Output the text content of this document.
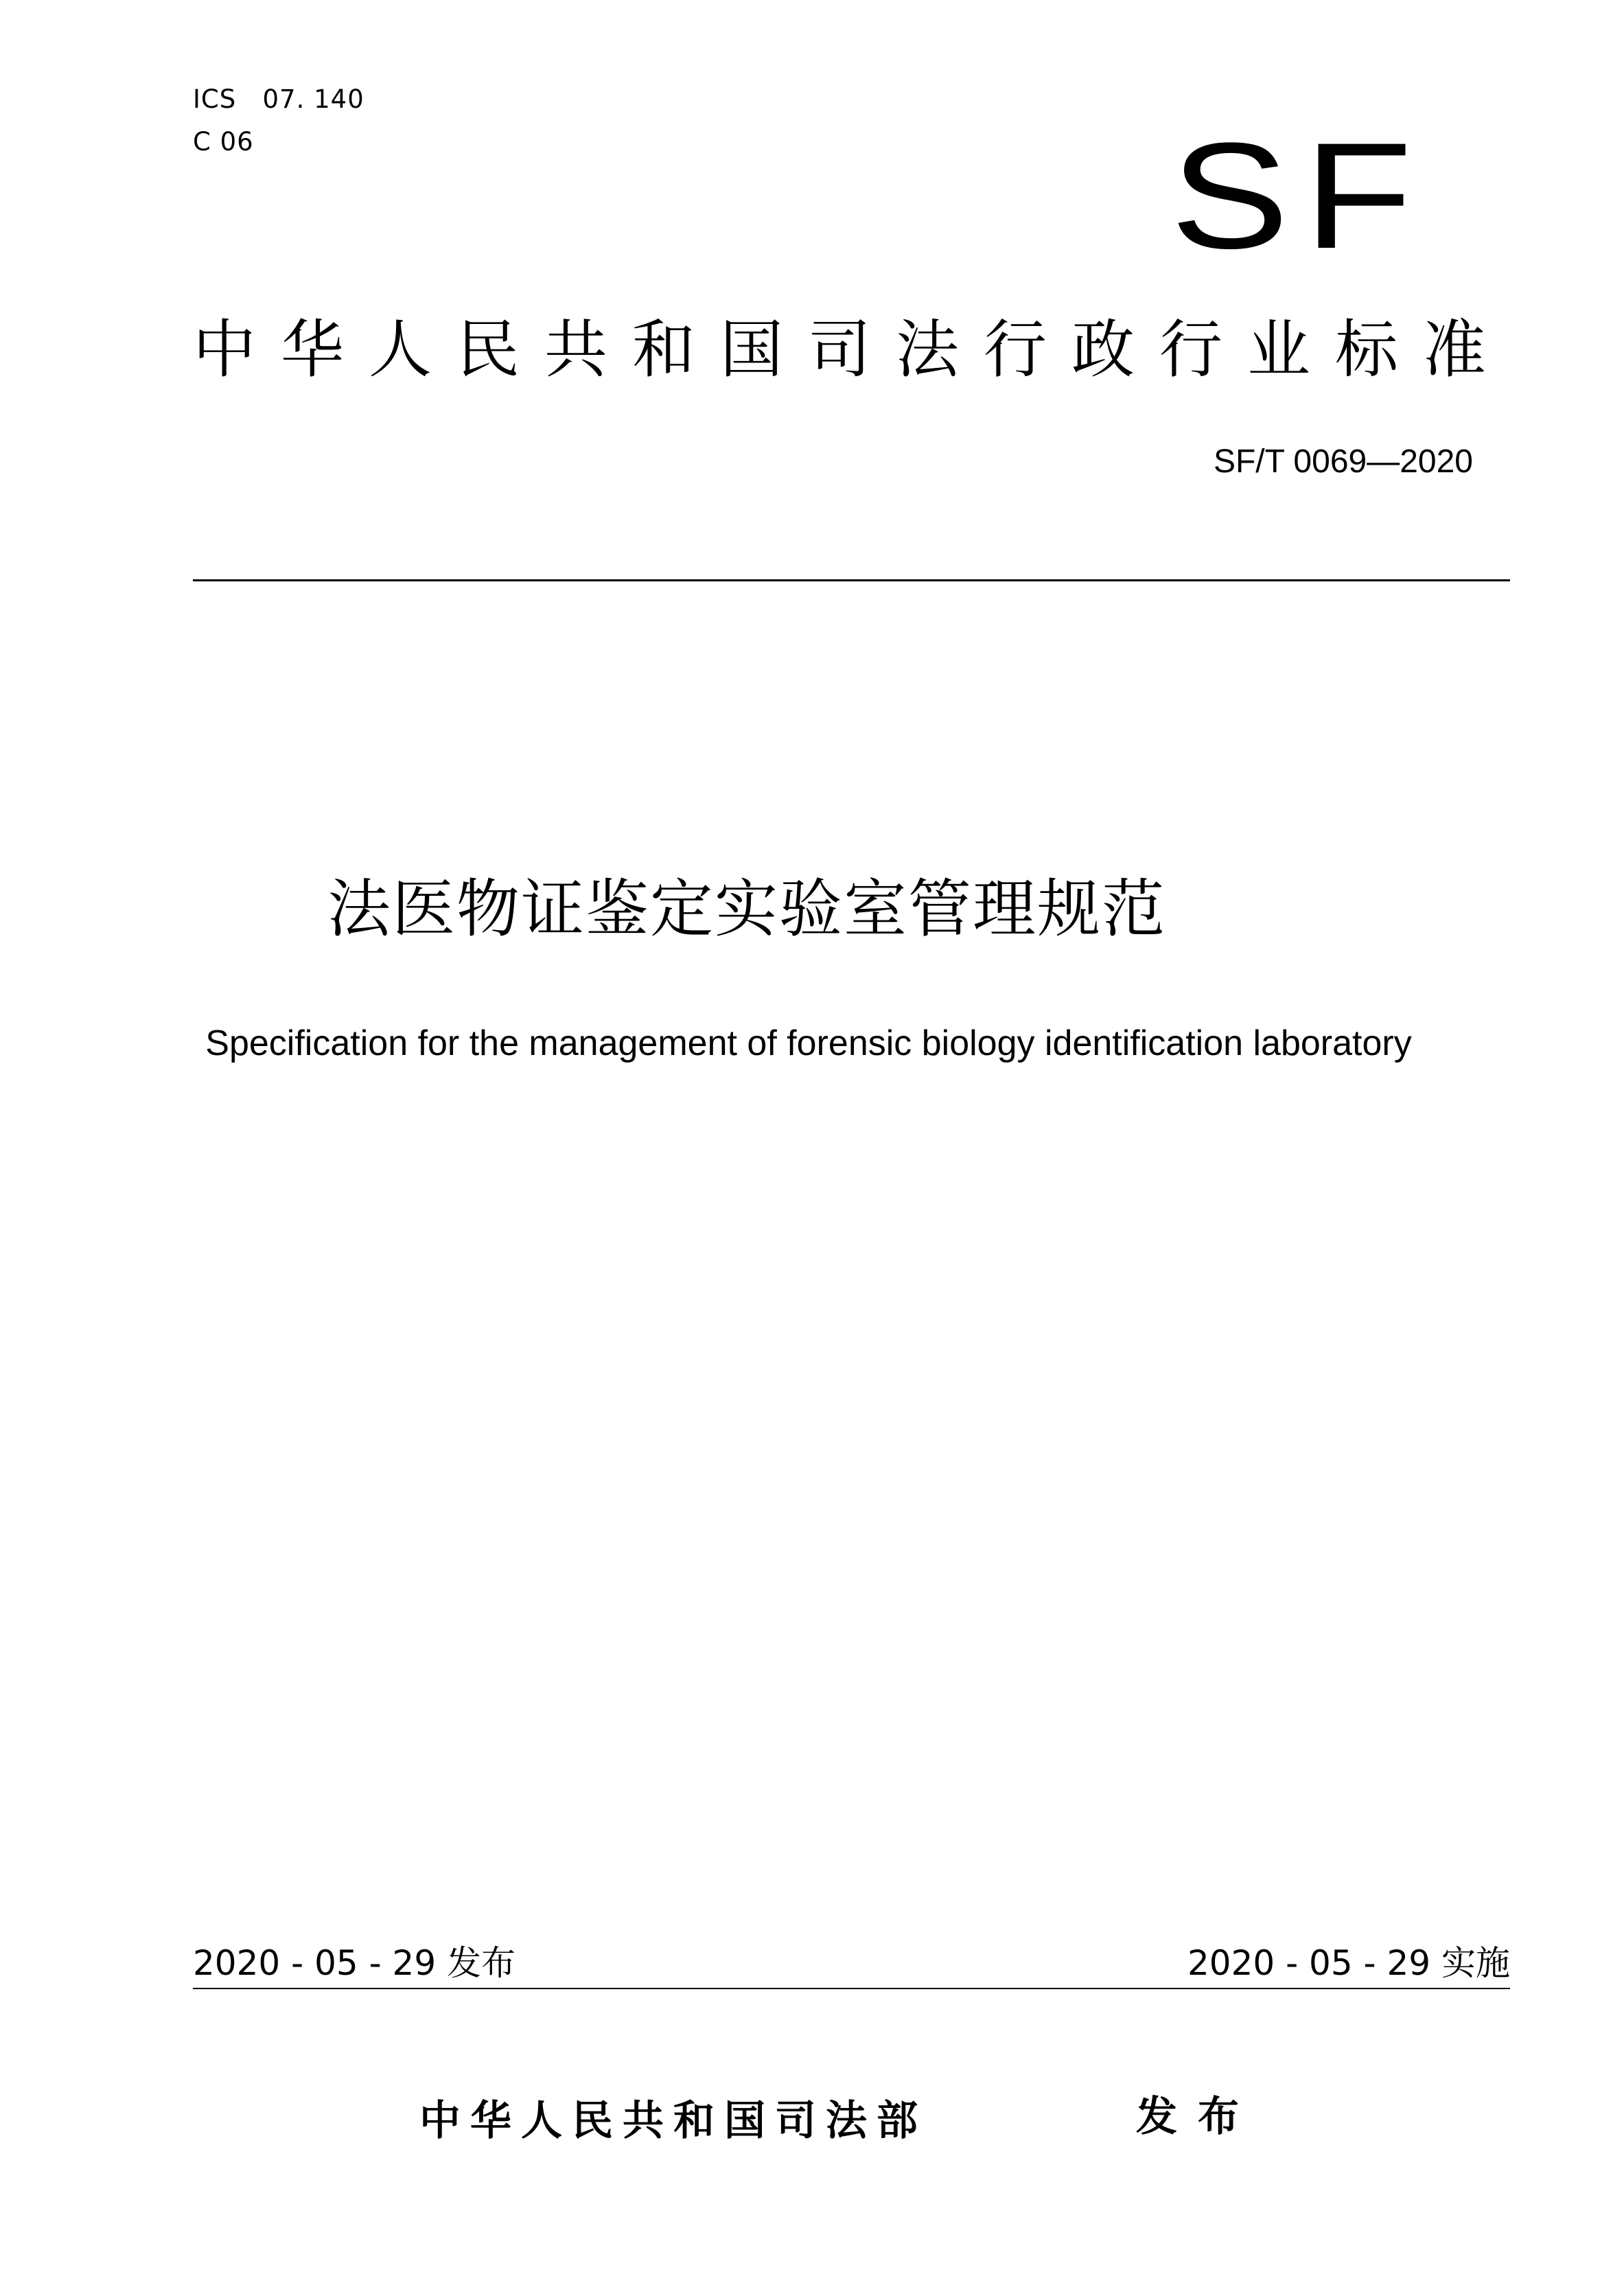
ICS   07. 140
C 06	SF
中华人民共和国司法行政行业标准
SF/T 0069—2020
法医物证鉴定实验室管理规范
Specification for the management of forensic biology identification laboratory
2020 - 05 - 29 发布	2020 - 05 - 29 实施
中华人民共和国司法部	发布
